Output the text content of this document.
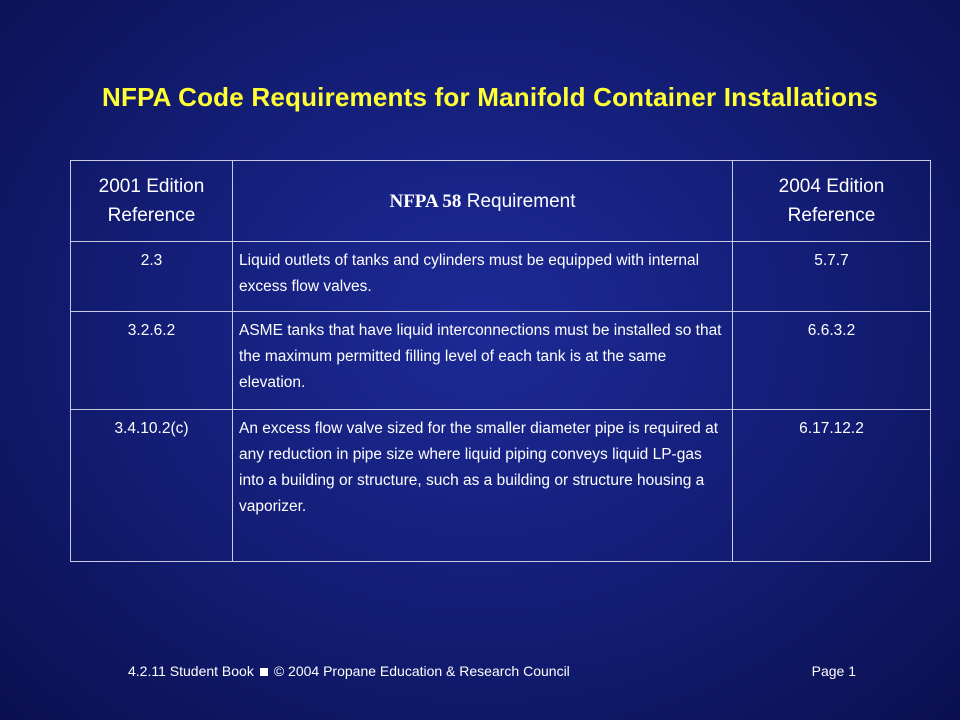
NFPA Code Requirements for Manifold Container Installations
2001 Edition Reference	NFPA 58 Requirement	2004 Edition Reference
2.3	Liquid outlets of tanks and cylinders must be equipped with internal excess flow valves.	5.7.7
3.2.6.2	ASME tanks that have liquid interconnections must be installed so that the maximum permitted filling level of each tank is at the same elevation.	6.6.3.2
3.4.10.2(c)	An excess flow valve sized for the smaller diameter pipe is required at any reduction in pipe size where liquid piping conveys liquid LP-gas into a building or structure, such as a building or structure housing a vaporizer.	6.17.12.2
4.2.11 Student Book © 2004 Propane Education & Research Council	Page 1
